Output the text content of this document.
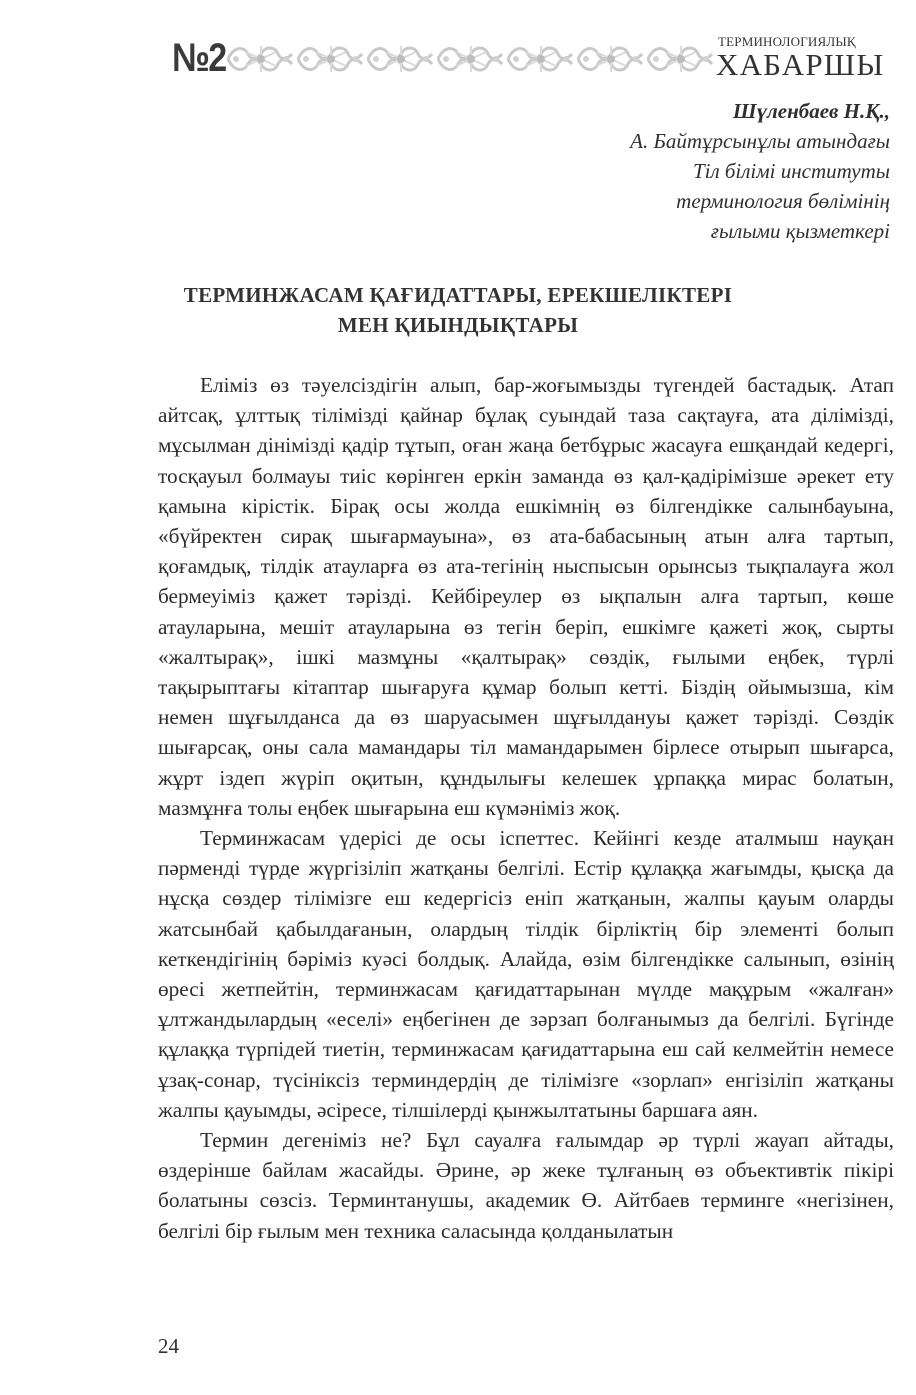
№2	ТЕРМИНОЛОГИЯЛЫҚ
ХАБАРШЫ
Шүленбаев Н.Қ.,
А. Байтұрсынұлы атындағы
Тіл білімі институты
терминология бөлімінің
ғылыми қызметкері
ТЕРМИНЖАСАМ ҚАҒИДАТТАРЫ, ЕРЕКШЕЛІКТЕРІ
МЕН ҚИЫНДЫҚТАРЫ

Еліміз өз тәуелсіздігін алып, бар-жоғымызды түгендей бастадық. Атап айтсақ, ұлттық тілімізді қайнар бұлақ суындай таза сақтауға, ата ділімізді, мұсылман дінімізді қадір тұтып, оған жаңа бетбұрыс жасауға ешқандай кедергі, тосқауыл болмауы тиіс көрінген еркін заманда өз қал-қадірімізше әрекет ету қамына кірістік. Бірақ осы жолда ешкімнің өз білгендікке салынбауына, «бүйректен сирақ шығармауына», өз ата-бабасының атын алға тартып, қоғамдық, тілдік атауларға өз ата-тегінің ныспысын орынсыз тықпалауға жол бермеуіміз қажет тәрізді. Кейбіреулер өз ықпалын алға тартып, көше атауларына, мешіт атауларына өз тегін беріп, ешкімге қажеті жоқ, сырты «жалтырақ», ішкі мазмұны «қалтырақ» сөздік, ғылыми еңбек, түрлі тақырыптағы кітаптар шығаруға құмар болып кетті. Біздің ойымызша, кім немен шұғылданса да өз шаруасымен шұғылдануы қажет тәрізді. Сөздік шығарсақ, оны сала мамандары тіл мамандарымен бірлесе отырып шығарса, жұрт іздеп жүріп оқитын, құндылығы келешек ұрпаққа мирас болатын, мазмұнға толы еңбек шығарына еш күмәніміз жоқ.

Терминжасам үдерісі де осы іспеттес. Кейінгі кезде аталмыш науқан пәрменді түрде жүргізіліп жатқаны белгілі. Естір құлаққа жағымды, қысқа да нұсқа сөздер тілімізге еш кедергісіз еніп жатқанын, жалпы қауым оларды жатсынбай қабылдағанын, олардың тілдік бірліктің бір элементі болып кеткендігінің бәріміз куәсі болдық. Алайда, өзім білгендікке салынып, өзінің өресі жетпейтін, терминжасам қағидаттарынан мүлде мақұрым «жалған» ұлтжандылардың «еселі» еңбегінен де зәрзап болғанымыз да белгілі. Бүгінде құлаққа түрпідей тиетін, терминжасам қағидаттарына еш сай келмейтін немесе ұзақ-сонар, түсініксіз терминдердің де тілімізге «зорлап» енгізіліп жатқаны жалпы қауымды, әсіресе, тілшілерді қынжылтатыны баршаға аян.

Термин дегеніміз не? Бұл сауалға ғалымдар әр түрлі жауап айтады, өздерінше байлам жасайды. Әрине, әр жеке тұлғаның өз объективтік пікірі болатыны сөзсіз. Терминтанушы, академик Ө. Айтбаев терминге «негізінен, белгілі бір ғылым мен техника саласында қолданылатын

24
